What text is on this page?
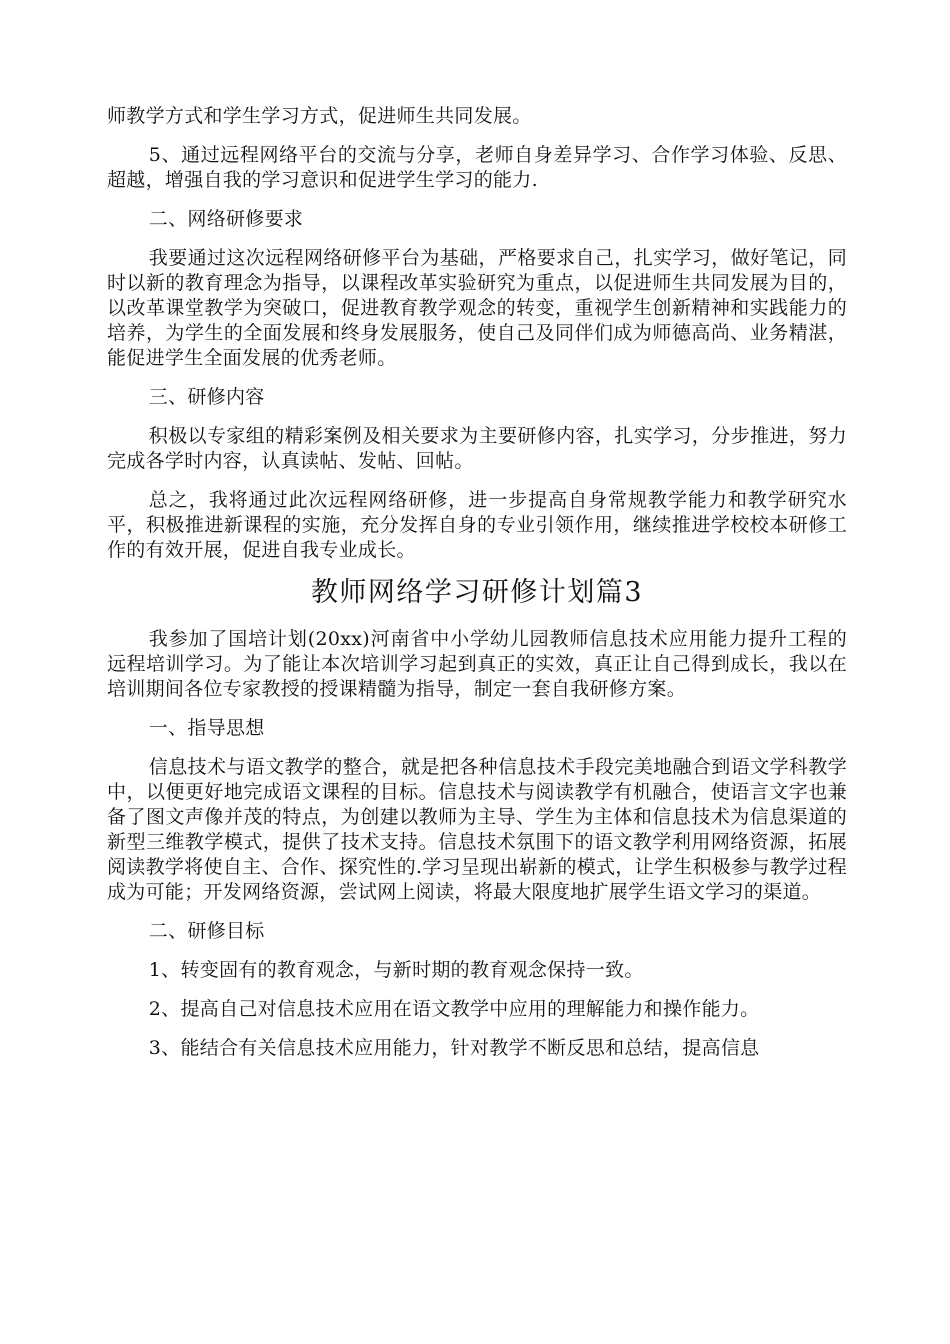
师教学方式和学生学习方式，促进师生共同发展。

5、通过远程网络平台的交流与分享，老师自身差异学习、合作学习体验、反思、超越，增强自我的学习意识和促进学生学习的能力.

二、网络研修要求

我要通过这次远程网络研修平台为基础，严格要求自己，扎实学习，做好笔记，同时以新的教育理念为指导，以课程改革实验研究为重点，以促进师生共同发展为目的，以改革课堂教学为突破口，促进教育教学观念的转变，重视学生创新精神和实践能力的培养，为学生的全面发展和终身发展服务，使自己及同伴们成为师德高尚、业务精湛，能促进学生全面发展的优秀老师。

三、研修内容

积极以专家组的精彩案例及相关要求为主要研修内容，扎实学习，分步推进，努力完成各学时内容，认真读帖、发帖、回帖。

总之，我将通过此次远程网络研修，进一步提高自身常规教学能力和教学研究水平，积极推进新课程的实施，充分发挥自身的专业引领作用，继续推进学校校本研修工作的有效开展，促进自我专业成长。

教师网络学习研修计划篇3

我参加了国培计划(20xx)河南省中小学幼儿园教师信息技术应用能力提升工程的远程培训学习。为了能让本次培训学习起到真正的实效，真正让自己得到成长，我以在培训期间各位专家教授的授课精髓为指导，制定一套自我研修方案。

一、指导思想

信息技术与语文教学的整合，就是把各种信息技术手段完美地融合到语文学科教学中，以便更好地完成语文课程的目标。信息技术与阅读教学有机融合，使语言文字也兼备了图文声像并茂的特点，为创建以教师为主导、学生为主体和信息技术为信息渠道的新型三维教学模式，提供了技术支持。信息技术氛围下的语文教学利用网络资源，拓展阅读教学将使自主、合作、探究性的.学习呈现出崭新的模式，让学生积极参与教学过程成为可能；开发网络资源，尝试网上阅读，将最大限度地扩展学生语文学习的渠道。

二、研修目标

1、转变固有的教育观念，与新时期的教育观念保持一致。

2、提高自己对信息技术应用在语文教学中应用的理解能力和操作能力。

3、能结合有关信息技术应用能力，针对教学不断反思和总结，提高信息
